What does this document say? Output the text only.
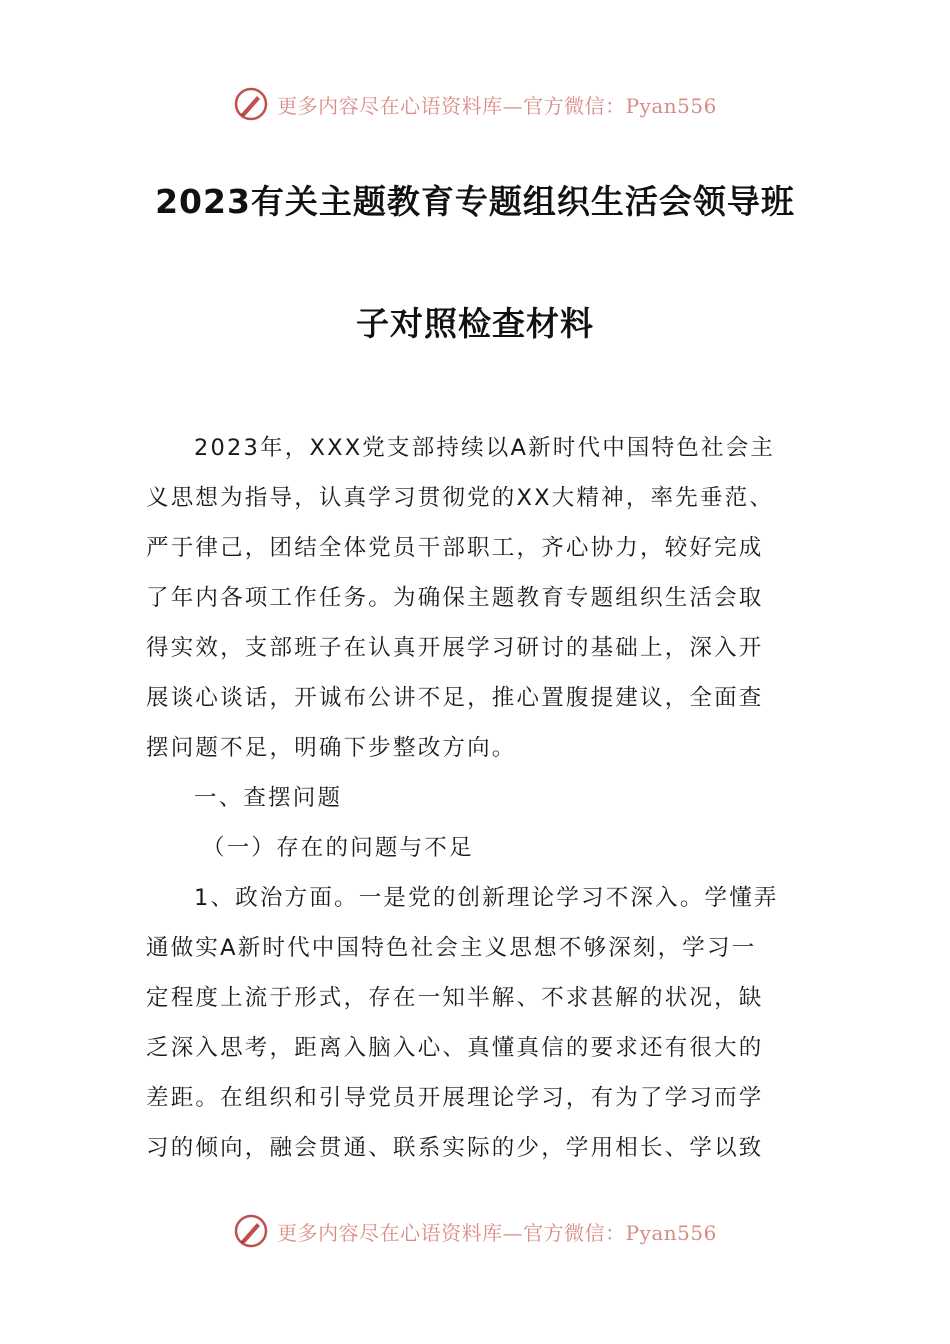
更多内容尽在心语资料库—官方微信：Pyan556
2023有关主题教育专题组织生活会领导班
子对照检查材料
2023年，XXX党支部持续以A新时代中国特色社会主
义思想为指导，认真学习贯彻党的XX大精神，率先垂范、
严于律己，团结全体党员干部职工，齐心协力，较好完成
了年内各项工作任务。为确保主题教育专题组织生活会取
得实效，支部班子在认真开展学习研讨的基础上，深入开
展谈心谈话，开诚布公讲不足，推心置腹提建议，全面查
摆问题不足，明确下步整改方向。
一、查摆问题
（一）存在的问题与不足
1、政治方面。一是党的创新理论学习不深入。学懂弄
通做实A新时代中国特色社会主义思想不够深刻，学习一
定程度上流于形式，存在一知半解、不求甚解的状况，缺
乏深入思考，距离入脑入心、真懂真信的要求还有很大的
差距。在组织和引导党员开展理论学习，有为了学习而学
习的倾向，融会贯通、联系实际的少，学用相长、学以致
更多内容尽在心语资料库—官方微信：Pyan556
